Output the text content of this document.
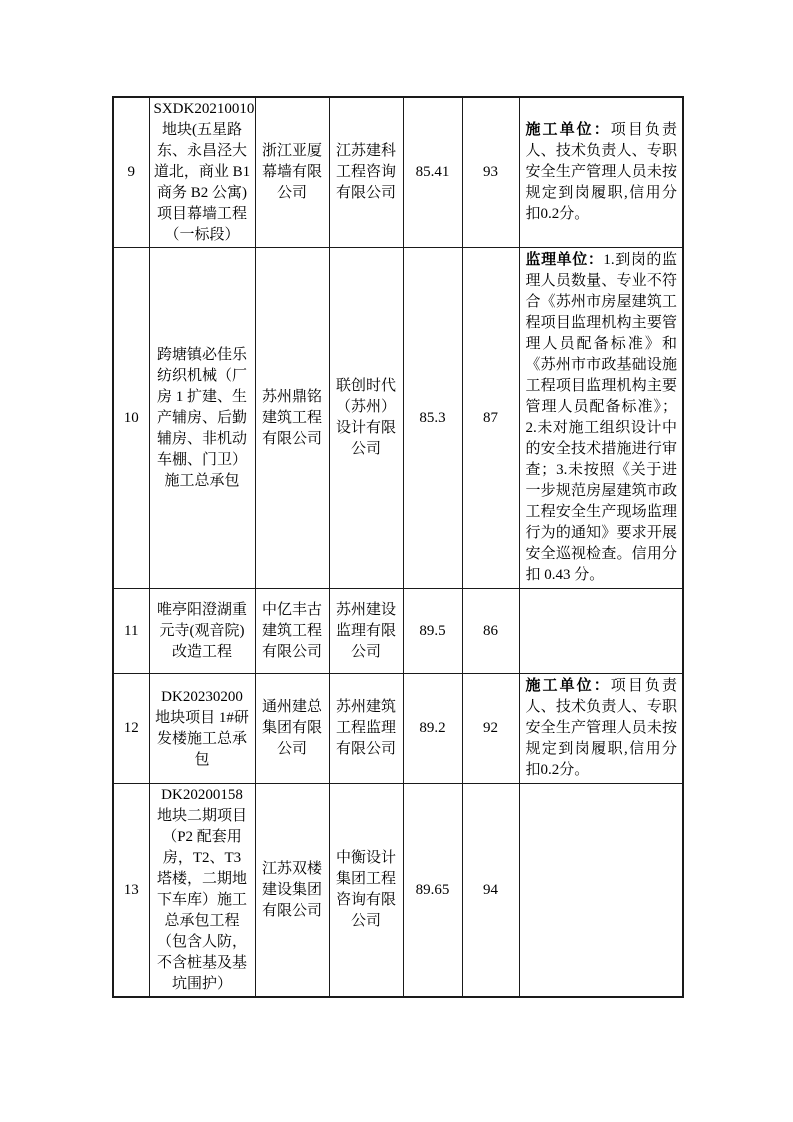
9	SXDK20210010 地块(五星路东、永昌泾大道北，商业 B1 商务 B2 公寓)项目幕墙工程（一标段）	浙江亚厦幕墙有限公司	江苏建科工程咨询有限公司	85.41	93	施工单位：项目负责人、技术负责人、专职安全生产管理人员未按规定到岗履职,信用分扣0.2分。
10	跨塘镇必佳乐纺织机械（厂房 1 扩建、生产辅房、后勤辅房、非机动车棚、门卫）施工总承包	苏州鼎铭建筑工程有限公司	联创时代（苏州）设计有限公司	85.3	87	监理单位：1.到岗的监理人员数量、专业不符合《苏州市房屋建筑工程项目监理机构主要管理人员配备标准》和《苏州市市政基础设施工程项目监理机构主要管理人员配备标准》；2.未对施工组织设计中的安全技术措施进行审查；3.未按照《关于进一步规范房屋建筑市政工程安全生产现场监理行为的通知》要求开展安全巡视检查。信用分扣 0.43 分。
11	唯亭阳澄湖重元寺(观音院)改造工程	中亿丰古建筑工程有限公司	苏州建设监理有限公司	89.5	86	
12	DK20230200 地块项目 1#研发楼施工总承包	通州建总集团有限公司	苏州建筑工程监理有限公司	89.2	92	施工单位：项目负责人、技术负责人、专职安全生产管理人员未按规定到岗履职,信用分扣0.2分。
13	DK20200158 地块二期项目（P2 配套用房，T2、T3 塔楼，二期地下车库）施工总承包工程（包含人防，不含桩基及基坑围护）	江苏双楼建设集团有限公司	中衡设计集团工程咨询有限公司	89.65	94	
